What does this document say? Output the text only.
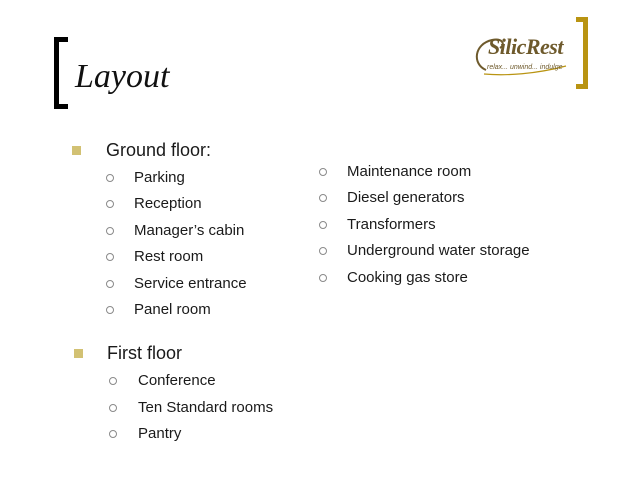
Layout
SilicRest
relax... unwind... indulge
Ground floor:
Parking
Reception
Manager’s cabin
Rest room
Service entrance
Panel room
Maintenance room
Diesel generators
Transformers
Underground water storage
Cooking gas store
First floor
Conference
Ten Standard rooms
Pantry
